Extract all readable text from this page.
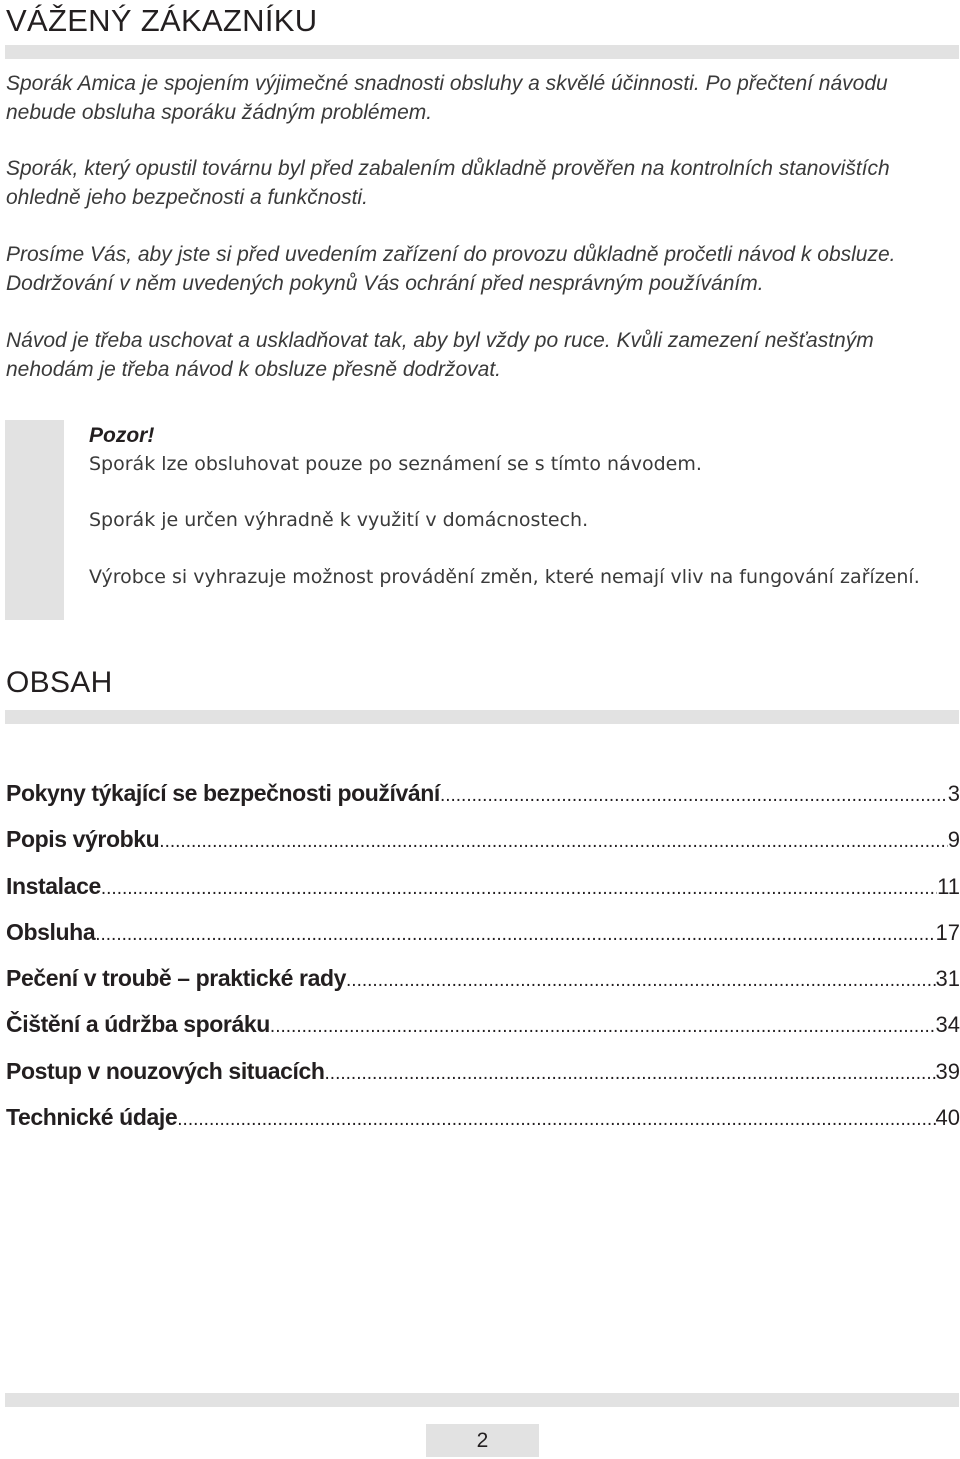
VÁŽENÝ ZÁKAZNÍKU

Sporák Amica je spojením výjimečné snadnosti obsluhy a skvělé účinnosti. Po přečtení návodu nebude obsluha sporáku žádným problémem.

Sporák, který opustil továrnu byl před zabalením důkladně prověřen na kontrolních stanovištích ohledně jeho bezpečnosti a funkčnosti.

Prosíme Vás, aby jste si před uvedením zařízení do provozu důkladně pročetli návod k obsluze. Dodržování v něm uvedených pokynů Vás ochrání před nesprávným používáním.

Návod je třeba uschovat a uskladňovat tak, aby byl vždy po ruce. Kvůli zamezení nešťastným nehodám je třeba návod k obsluze přesně dodržovat.

Pozor!

Sporák lze obsluhovat pouze po seznámení se s tímto návodem.

Sporák je určen výhradně k využití v domácnostech.

Výrobce si vyhrazuje možnost provádění změn, které nemají vliv na fungování zařízení.

OBSAH
Pokyny týkající se bezpečnosti používání .....	3
Popis výrobku .....	9
Instalace .....	11
Obsluha .....	17
Pečení v troubě – praktické rady .....	31
Čištění a údržba sporáku .....	34
Postup v nouzových situacích .....	39
Technické údaje .....	40
2
